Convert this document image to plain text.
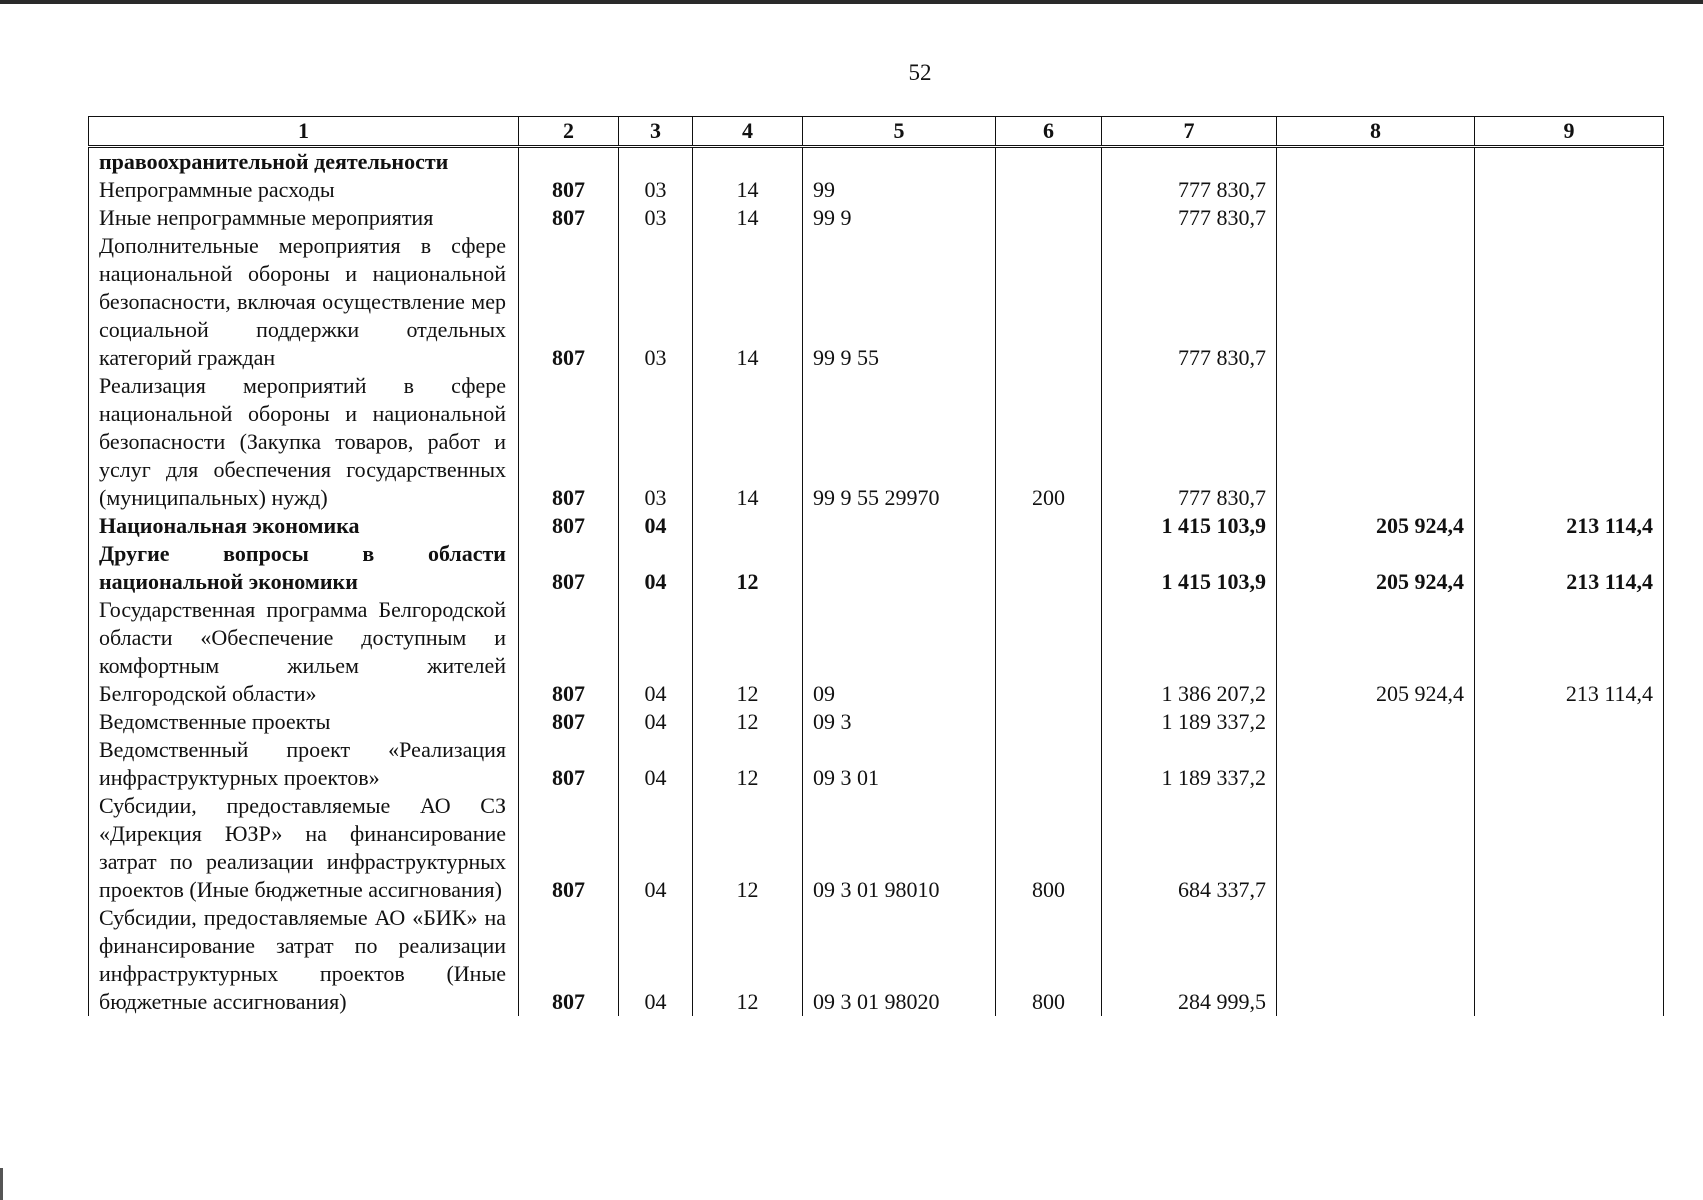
52
1	2	3	4	5	6	7	8	9
правоохранительной деятельности								
Непрограммные расходы	807	03	14	99		777 830,7		
Иные непрограммные мероприятия	807	03	14	99 9		777 830,7		
Дополнительные мероприятия в сфере национальной обороны и национальной безопасности, включая осуществление мер социальной поддержки отдельных категорий граждан	807	03	14	99 9 55		777 830,7		
Реализация мероприятий в сфере национальной обороны и национальной безопасности (Закупка товаров, работ и услуг для обеспечения государственных (муниципальных) нужд)	807	03	14	99 9 55 29970	200	777 830,7		
Национальная экономика	807	04				1 415 103,9	205 924,4	213 114,4
Другие вопросы в области национальной экономики	807	04	12			1 415 103,9	205 924,4	213 114,4
Государственная программа Белгородской области «Обеспечение доступным и комфортным жильем жителей Белгородской области»	807	04	12	09		1 386 207,2	205 924,4	213 114,4
Ведомственные проекты	807	04	12	09 3		1 189 337,2		
Ведомственный проект «Реализация инфраструктурных проектов»	807	04	12	09 3 01		1 189 337,2		
Субсидии, предоставляемые АО СЗ «Дирекция ЮЗР» на финансирование затрат по реализации инфраструктурных проектов (Иные бюджетные ассигнования)	807	04	12	09 3 01 98010	800	684 337,7		
Субсидии, предоставляемые АО «БИК» на финансирование затрат по реализации инфраструктурных проектов (Иные бюджетные ассигнования)	807	04	12	09 3 01 98020	800	284 999,5		
